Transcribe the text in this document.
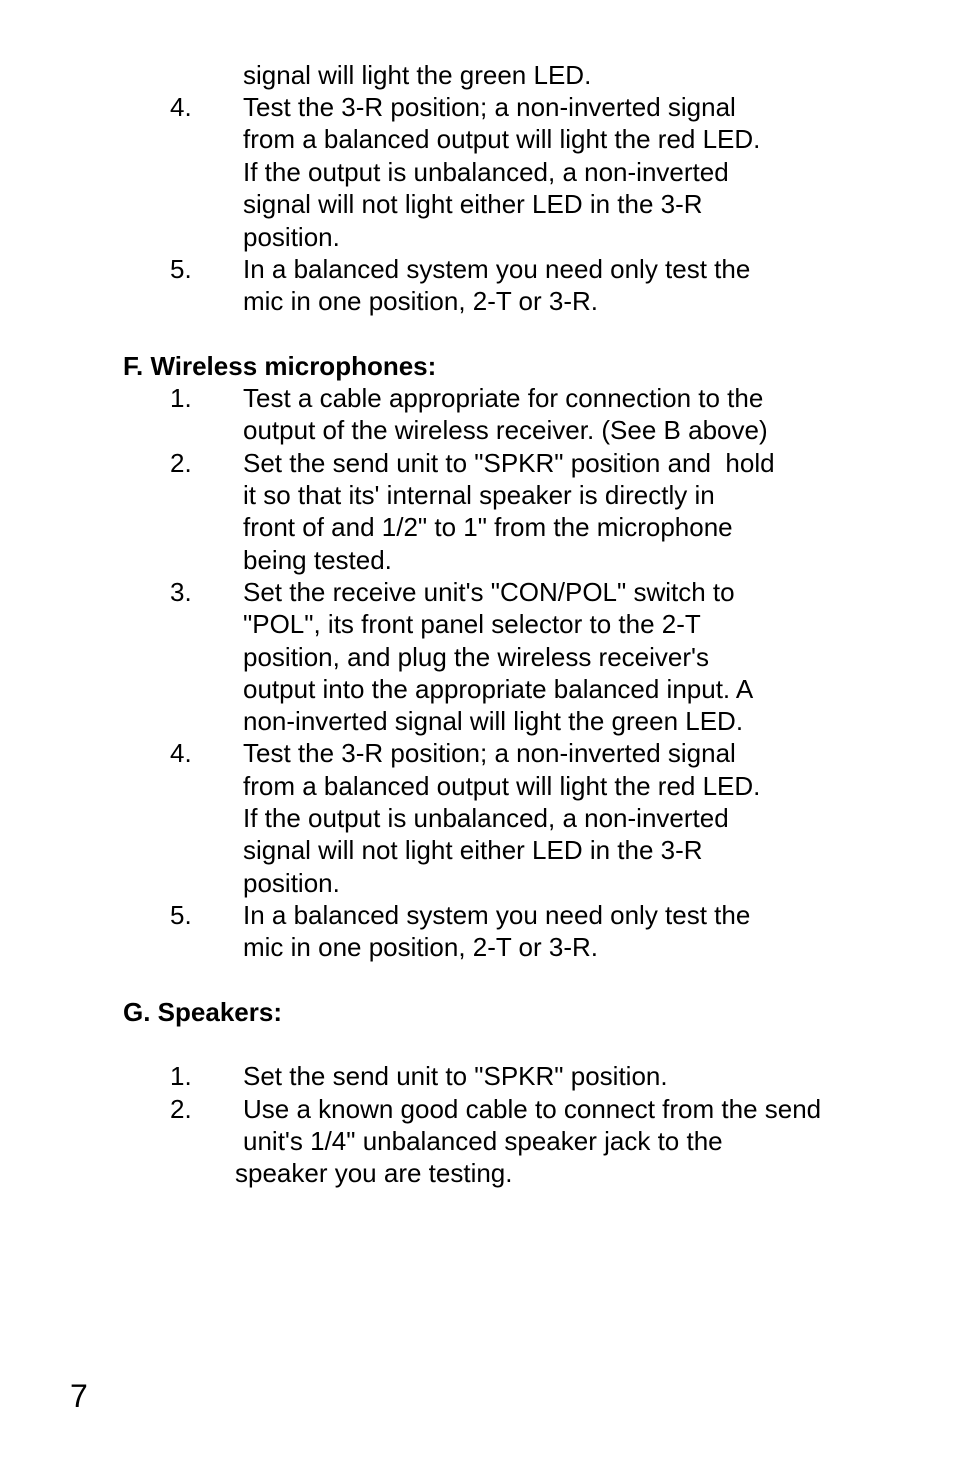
signal will light the green LED.
4. Test the 3-R position; a non-inverted signal
from a balanced output will light the red LED.
If the output is unbalanced, a non-inverted
signal will not light either LED in the 3-R
position.
5. In a balanced system you need only test the
mic in one position, 2-T or 3-R.
F. Wireless microphones:
1. Test a cable appropriate for connection to the
output of the wireless receiver. (See B above)
2. Set the send unit to "SPKR" position and  hold
it so that its' internal speaker is directly in
front of and 1/2" to 1" from the microphone
being tested.
3. Set the receive unit's "CON/POL" switch to
"POL", its front panel selector to the 2-T
position, and plug the wireless receiver's
output into the appropriate balanced input. A
non-inverted signal will light the green LED.
4. Test the 3-R position; a non-inverted signal
from a balanced output will light the red LED.
If the output is unbalanced, a non-inverted
signal will not light either LED in the 3-R
position.
5. In a balanced system you need only test the
mic in one position, 2-T or 3-R.
G. Speakers:
1. Set the send unit to "SPKR" position.
2. Use a known good cable to connect from the send
unit's 1/4" unbalanced speaker jack to the
speaker you are testing.
7
